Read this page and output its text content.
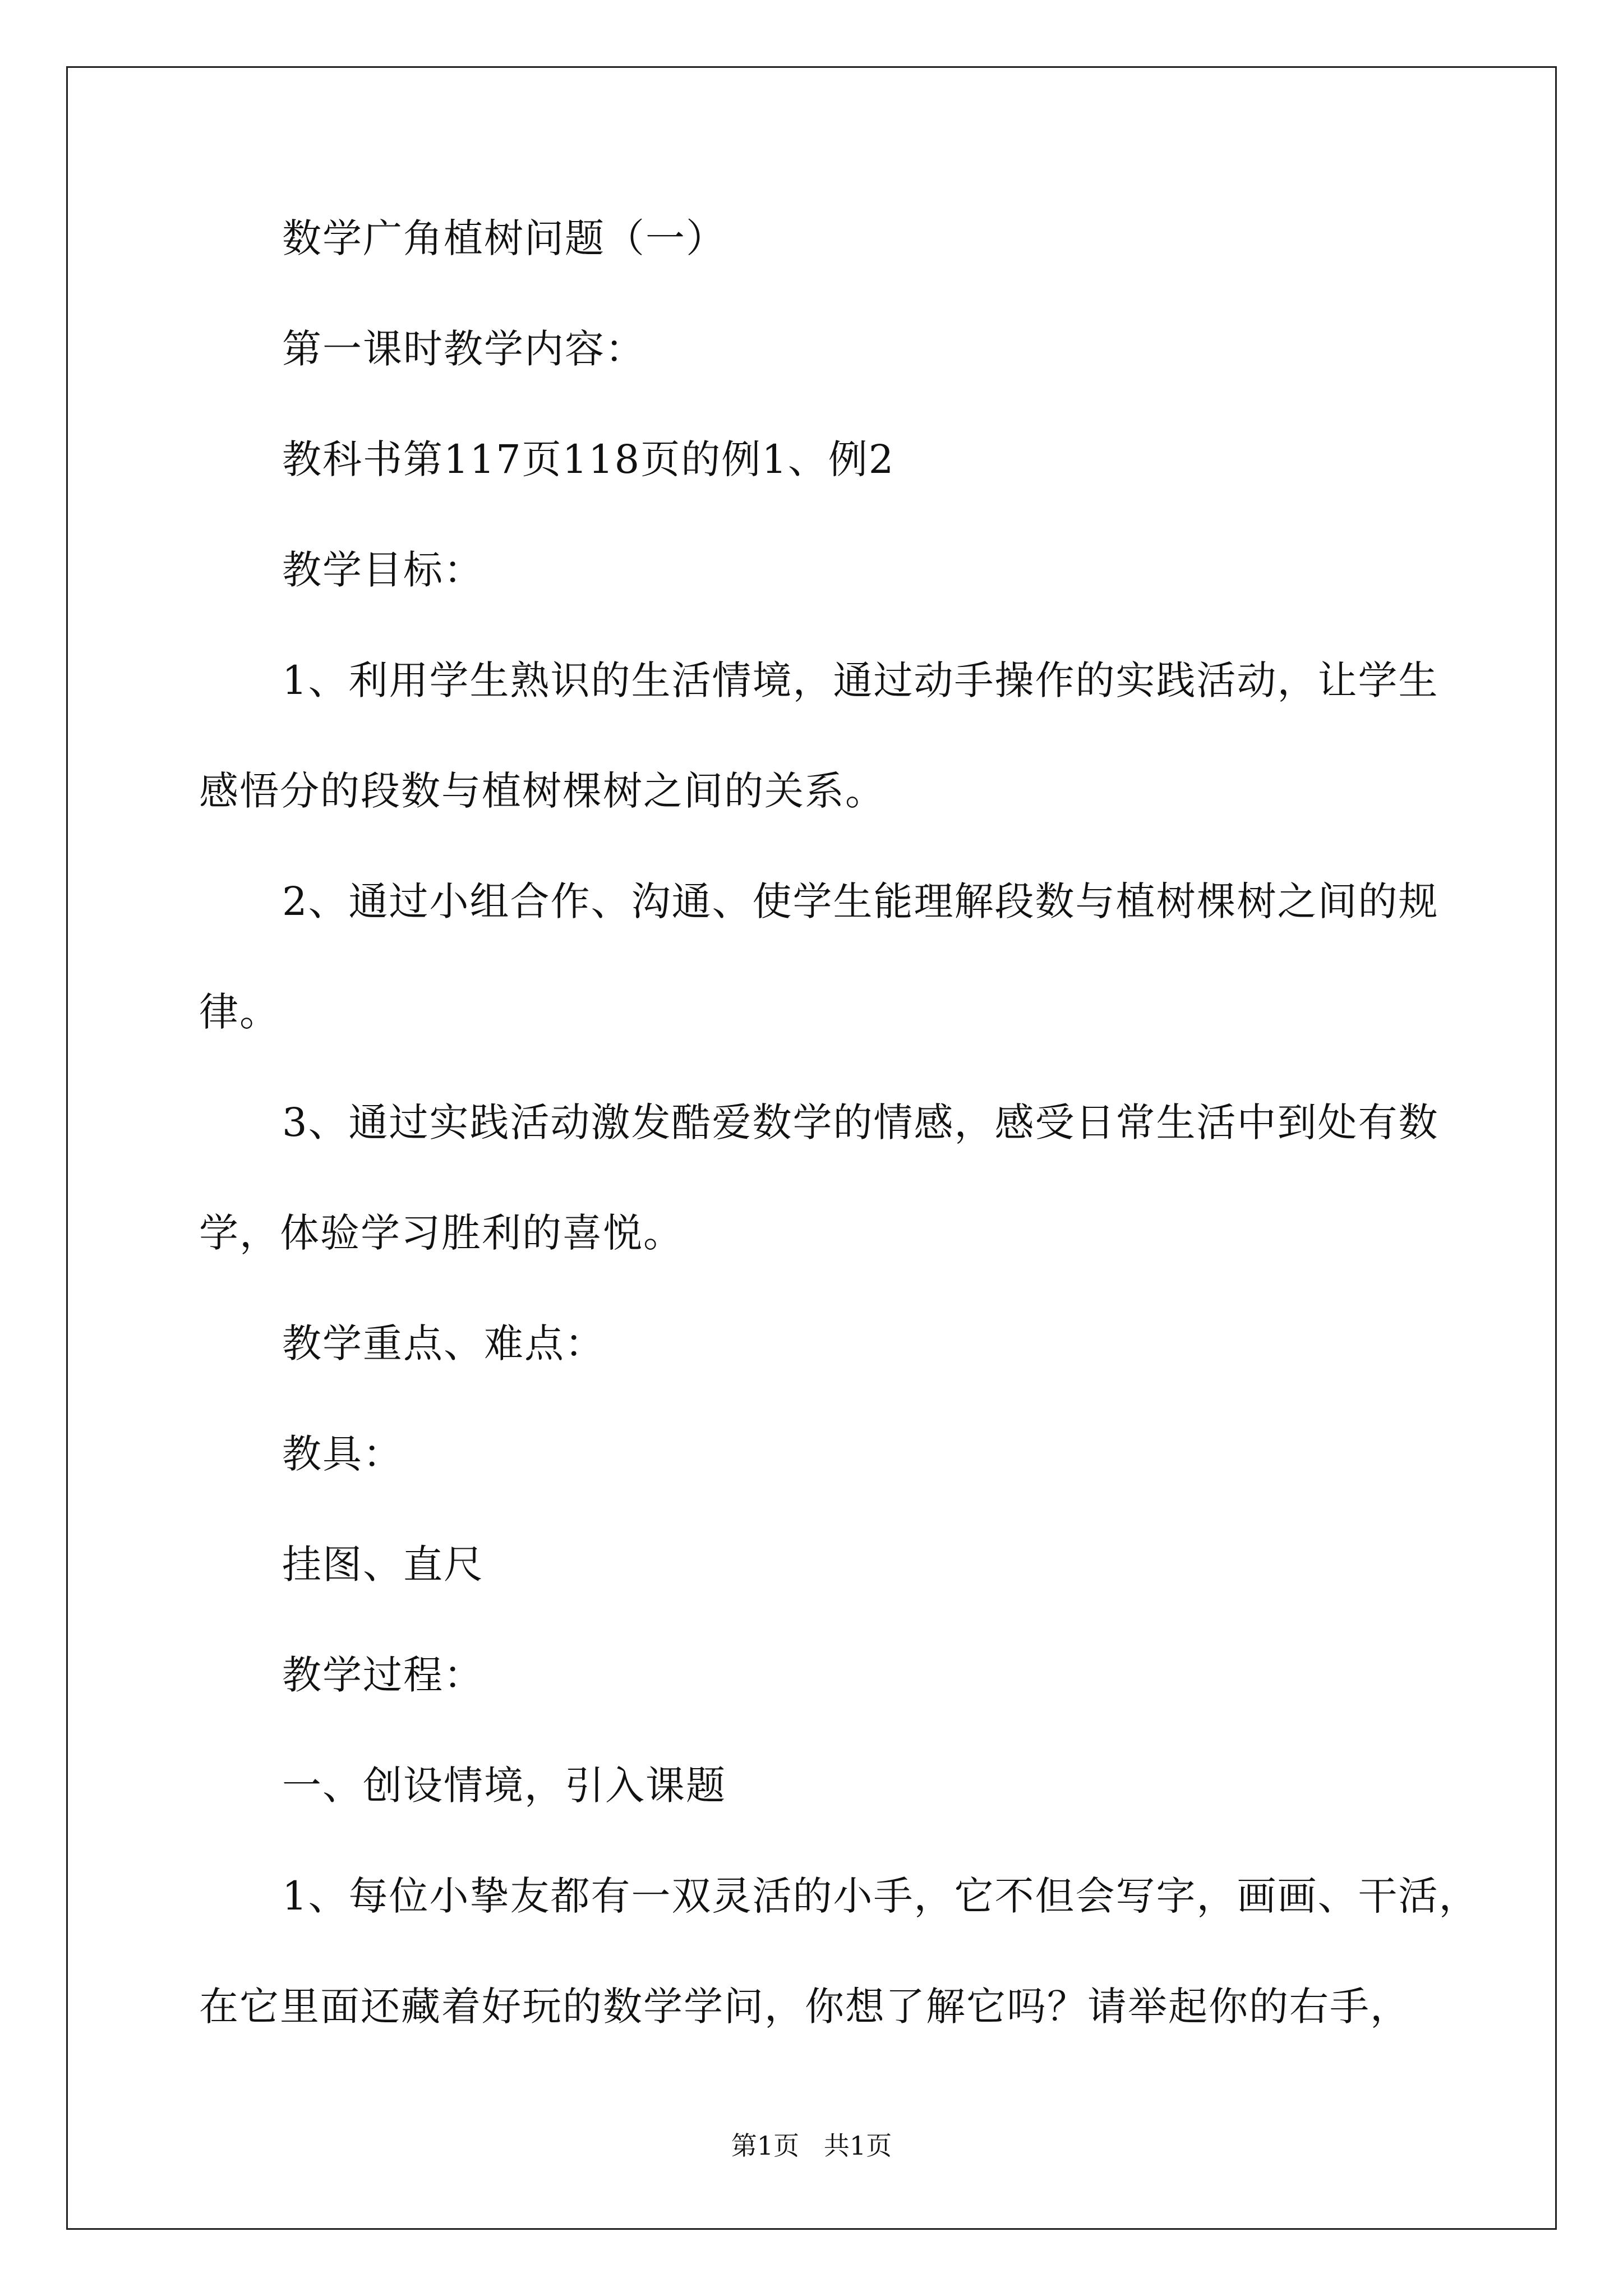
数学广角植树问题（一）
第一课时教学内容：
教科书第117页118页的例1、例2
教学目标：
1、利用学生熟识的生活情境，通过动手操作的实践活动，让学生
感悟分的段数与植树棵树之间的关系。
2、通过小组合作、沟通、使学生能理解段数与植树棵树之间的规
律。
3、通过实践活动激发酷爱数学的情感，感受日常生活中到处有数
学，体验学习胜利的喜悦。
教学重点、难点：
教具：
挂图、直尺
教学过程：
一、创设情境，引入课题
1、每位小挚友都有一双灵活的小手，它不但会写字，画画、干活，
在它里面还藏着好玩的数学学问，你想了解它吗？请举起你的右手，
第1页   共1页
